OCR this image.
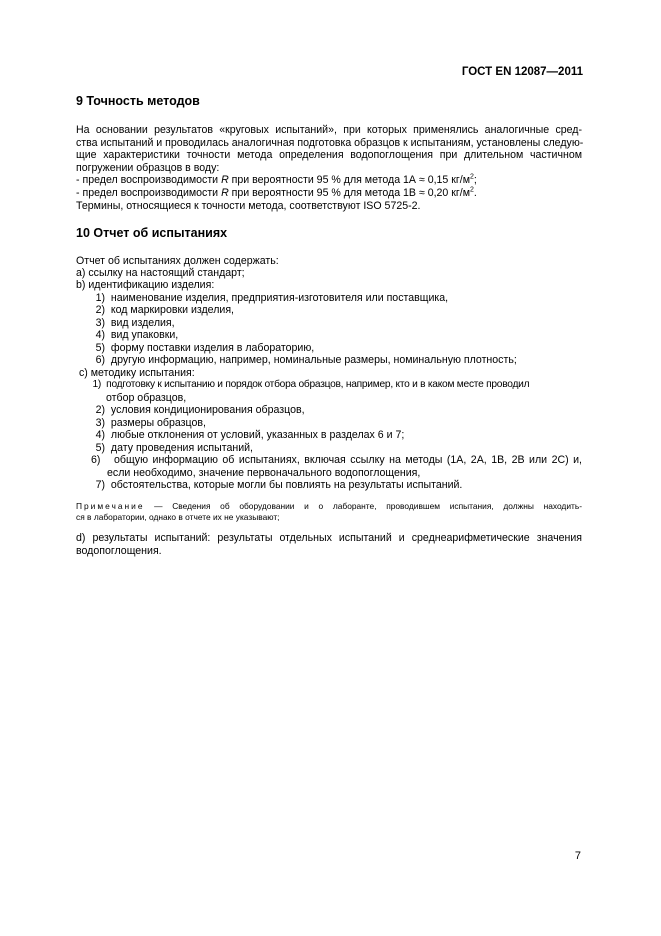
ГОСТ EN 12087—2011
9 Точность методов
На основании результатов «круговых испытаний», при которых применялись аналогичные сред-
ства испытаний и проводилась аналогичная подготовка образцов к испытаниям, установлены следую-
щие характеристики точности метода определения водопоглощения при длительном частичном
погружении образцов в воду:
- предел воспроизводимости R при вероятности 95 % для метода 1А ≈ 0,15 $кг/м^2$;
- предел воспроизводимости R при вероятности 95 % для метода 1В ≈ 0,20 $кг/м^2$.
Термины, относящиеся к точности метода, соответствуют ISO 5725-2.
10 Отчет об испытаниях
Отчет об испытаниях должен содержать:
а) ссылку на настоящий стандарт;
b) идентификацию изделия:
1) наименование изделия, предприятия-изготовителя или поставщика,
2) код маркировки изделия,
3) вид изделия,
4) вид упаковки,
5) форму поставки изделия в лабораторию,
6) другую информацию, например, номинальные размеры, номинальную плотность;
с) методику испытания:
1) подготовку к испытанию и порядок отбора образцов, например, кто и в каком месте проводил
отбор образцов,
2) условия кондиционирования образцов,
3) размеры образцов,
4) любые отклонения от условий, указанных в разделах 6 и 7;
5) дату проведения испытаний,
6) общую информацию об испытаниях, включая ссылку на методы (1А, 2А, 1В, 2В или 2С) и,
если необходимо, значение первоначального водопоглощения,
7) обстоятельства, которые могли бы повлиять на результаты испытаний.
Примечание — Сведения об оборудовании и о лаборанте, проводившем испытания, должны находить-
ся в лаборатории, однако в отчете их не указывают;
d) результаты испытаний: результаты отдельных испытаний и среднеарифметические значения
водопоглощения.
7
